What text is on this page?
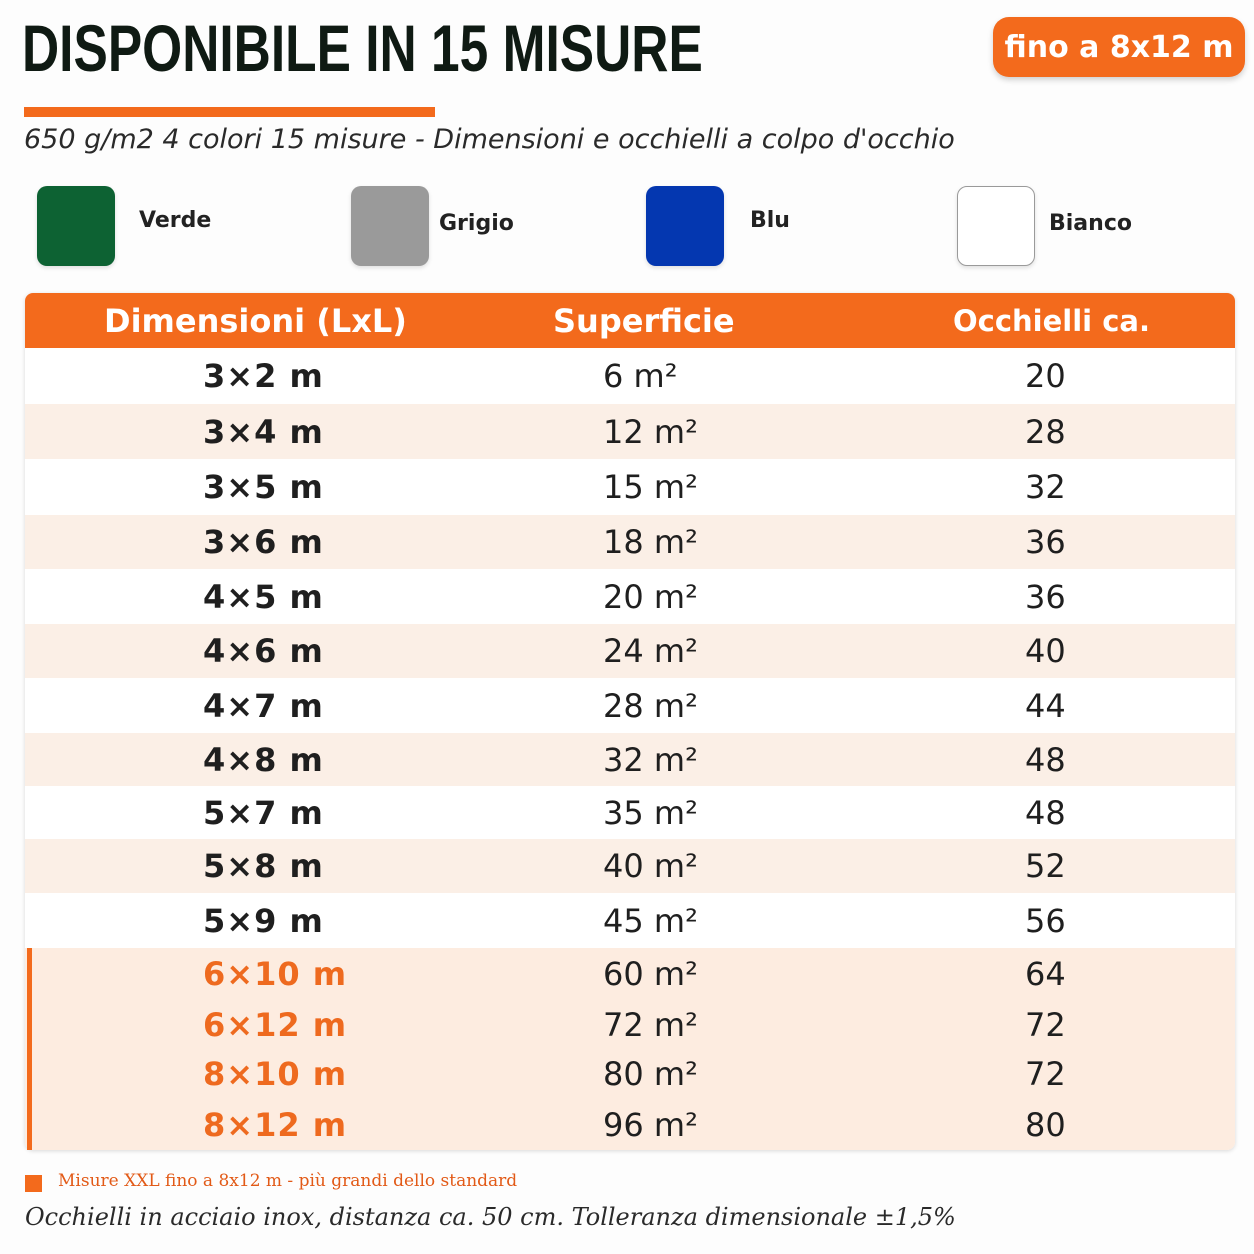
DISPONIBILE IN 15 MISURE	fino a 8x12 m
650 g/m2 4 colori 15 misure - Dimensioni e occhielli a colpo d'occhio
Verde	Grigio	Blu	Bianco
Dimensioni (LxL)	Superficie	Occhielli ca.
3×2 m	6 m²	20
3×4 m	12 m²	28
3×5 m	15 m²	32
3×6 m	18 m²	36
4×5 m	20 m²	36
4×6 m	24 m²	40
4×7 m	28 m²	44
4×8 m	32 m²	48
5×7 m	35 m²	48
5×8 m	40 m²	52
5×9 m	45 m²	56
6×10 m	60 m²	64
6×12 m	72 m²	72
8×10 m	80 m²	72
8×12 m	96 m²	80
Misure XXL fino a 8x12 m - più grandi dello standard
Occhielli in acciaio inox, distanza ca. 50 cm. Tolleranza dimensionale ±1,5%
